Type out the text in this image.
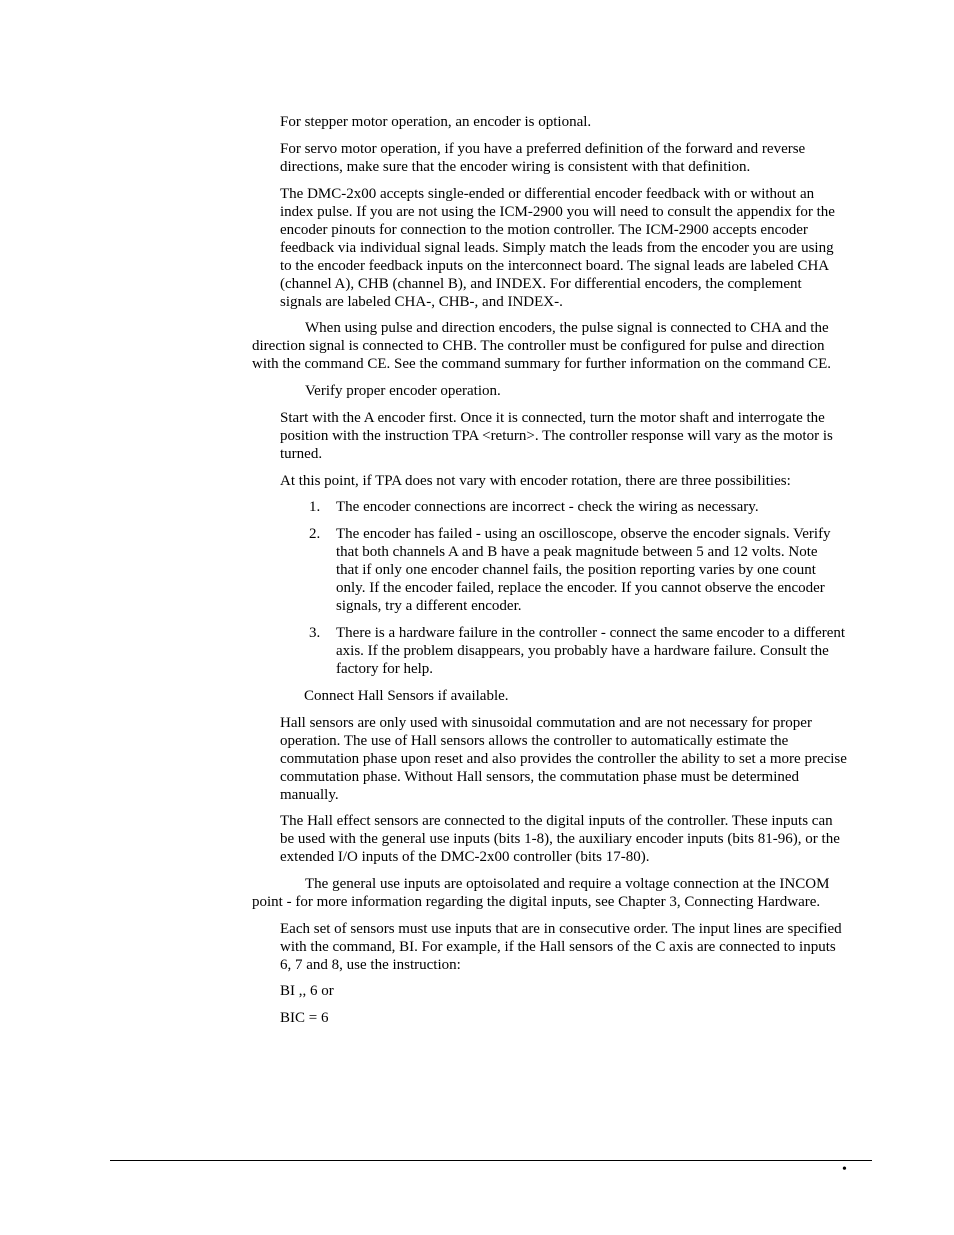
For stepper motor operation, an encoder is optional.
For servo motor operation, if you have a preferred definition of the forward and reverse
directions, make sure that the encoder wiring is consistent with that definition.
The DMC-2x00 accepts single-ended or differential encoder feedback with or without an
index pulse. If you are not using the ICM-2900 you will need to consult the appendix for the
encoder pinouts for connection to the motion controller. The ICM-2900 accepts encoder
feedback via individual signal leads. Simply match the leads from the encoder you are using
to the encoder feedback inputs on the interconnect board. The signal leads are labeled CHA
(channel A), CHB (channel B), and INDEX. For differential encoders, the complement
signals are labeled CHA-, CHB-, and INDEX-.
When using pulse and direction encoders, the pulse signal is connected to CHA and the
direction signal is connected to CHB. The controller must be configured for pulse and direction
with the command CE. See the command summary for further information on the command CE.
Verify proper encoder operation.
Start with the A encoder first. Once it is connected, turn the motor shaft and interrogate the
position with the instruction TPA <return>. The controller response will vary as the motor is
turned.
At this point, if TPA does not vary with encoder rotation, there are three possibilities:
1. The encoder connections are incorrect - check the wiring as necessary.
2. The encoder has failed - using an oscilloscope, observe the encoder signals. Verify
that both channels A and B have a peak magnitude between 5 and 12 volts. Note
that if only one encoder channel fails, the position reporting varies by one count
only. If the encoder failed, replace the encoder. If you cannot observe the encoder
signals, try a different encoder.
3. There is a hardware failure in the controller - connect the same encoder to a different
axis. If the problem disappears, you probably have a hardware failure. Consult the
factory for help.
Connect Hall Sensors if available.
Hall sensors are only used with sinusoidal commutation and are not necessary for proper
operation. The use of Hall sensors allows the controller to automatically estimate the
commutation phase upon reset and also provides the controller the ability to set a more precise
commutation phase. Without Hall sensors, the commutation phase must be determined
manually.
The Hall effect sensors are connected to the digital inputs of the controller. These inputs can
be used with the general use inputs (bits 1-8), the auxiliary encoder inputs (bits 81-96), or the
extended I/O inputs of the DMC-2x00 controller (bits 17-80).
The general use inputs are optoisolated and require a voltage connection at the INCOM
point - for more information regarding the digital inputs, see Chapter 3, Connecting Hardware.
Each set of sensors must use inputs that are in consecutive order. The input lines are specified
with the command, BI. For example, if the Hall sensors of the C axis are connected to inputs
6, 7 and 8, use the instruction:
BI ,, 6 or
BIC = 6
•
